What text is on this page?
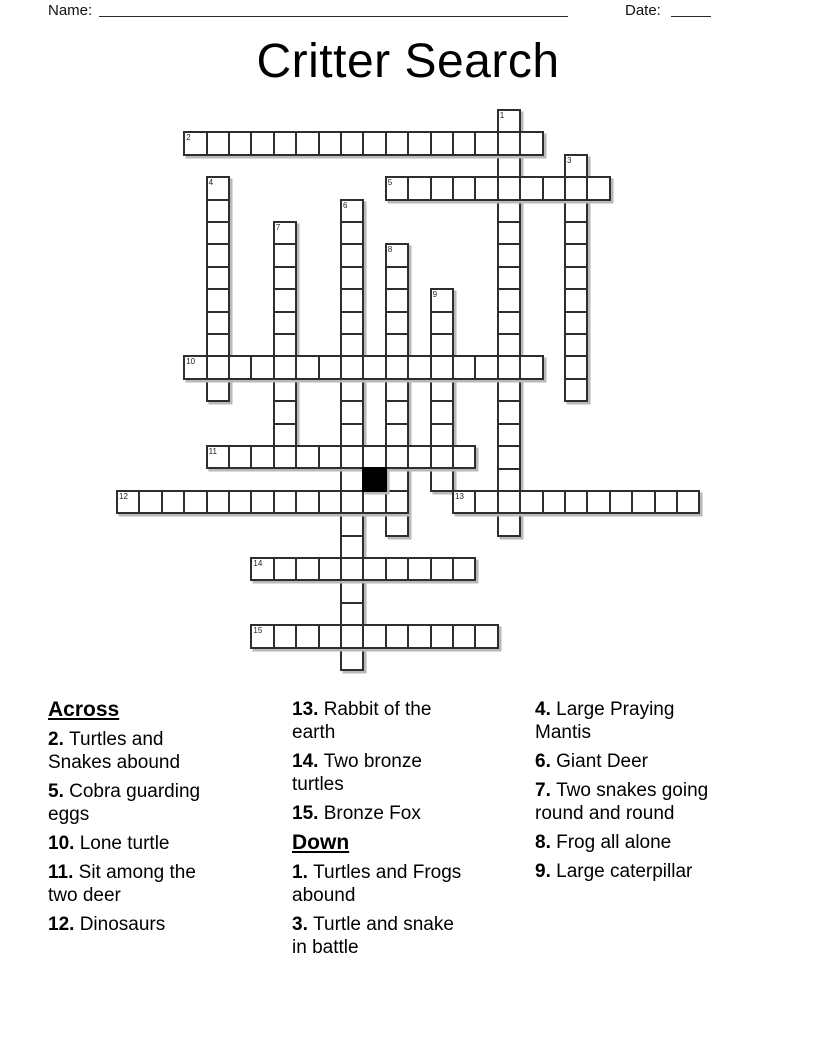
Name:	Date:
Critter Search
1
2
3
4	5
6
7
8
9
10
11
12	13
14
15
Across

2. Turtles and Snakes abound

5. Cobra guarding eggs

10. Lone turtle

11. Sit among the two deer

12. Dinosaurs

13. Rabbit of the earth

14. Two bronze turtles

15. Bronze Fox

Down

1. Turtles and Frogs abound

3. Turtle and snake in battle

4. Large Praying Mantis

6. Giant Deer

7. Two snakes going round and round

8. Frog all alone

9. Large caterpillar
